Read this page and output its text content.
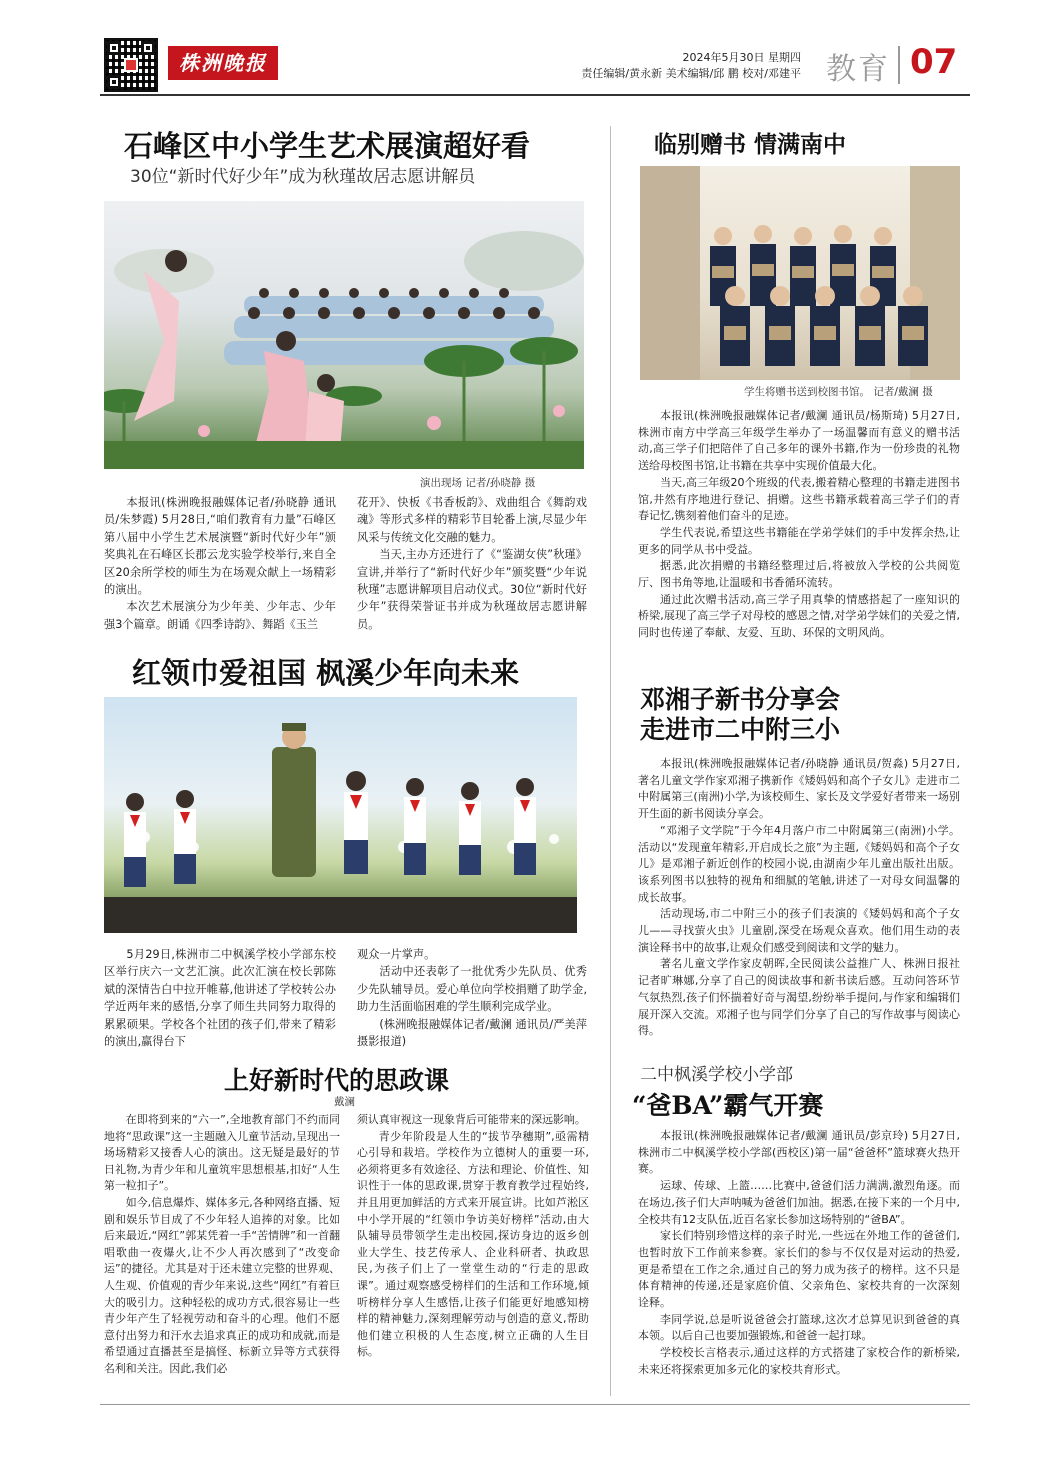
株洲晚报	2024年5月30日 星期四
责任编辑/黄永新 美术编辑/邱 鹏 校对/邓建平 教育 07
石峰区中小学生艺术展演超好看
30位“新时代好少年”成为秋瑾故居志愿讲解员
演出现场 记者/孙晓静 摄

本报讯(株洲晚报融媒体记者/孙晓静 通讯员/朱梦霞) 5月28日,“咱们教育有力量”石峰区第八届中小学生艺术展演暨“新时代好少年”颁奖典礼在石峰区长郡云龙实验学校举行,来自全区20余所学校的师生为在场观众献上一场精彩的演出。

本次艺术展演分为少年美、少年志、少年强3个篇章。朗诵《四季诗韵》、舞蹈《玉兰

花开》、快板《书香板韵》、戏曲组合《舞韵戏魂》等形式多样的精彩节目轮番上演,尽显少年风采与传统文化交融的魅力。

当天,主办方还进行了《“鉴湖女侠”秋瑾》宣讲,并举行了“新时代好少年”颁奖暨“少年说秋瑾”志愿讲解项目启动仪式。30位“新时代好少年”获得荣誉证书并成为秋瑾故居志愿讲解员。

红领巾爱祖国 枫溪少年向未来

5月29日,株洲市二中枫溪学校小学部东校区举行庆六一文艺汇演。此次汇演在校长郭陈斌的深情告白中拉开帷幕,他讲述了学校转公办学近两年来的感悟,分享了师生共同努力取得的累累硕果。学校各个社团的孩子们,带来了精彩的演出,赢得台下

观众一片掌声。

活动中还表彰了一批优秀少先队员、优秀少先队辅导员。爱心单位向学校捐赠了助学金,助力生活面临困难的学生顺利完成学业。

(株洲晚报融媒体记者/戴澜 通讯员/严美萍 摄影报道)

上好新时代的思政课
戴澜

在即将到来的“六一”,全地教育部门不约而同地将“思政课”这一主题融入儿童节活动,呈现出一场场精彩又接香人心的演出。这无疑是最好的节日礼物,为青少年和儿童筑牢思想根基,扣好“人生第一粒扣子”。

如今,信息爆炸、媒体多元,各种网络直播、短剧和娱乐节目成了不少年轻人追捧的对象。比如后来最近,“网红”郭某凭着一手“苦情牌”和一首翻唱歌曲一夜爆火,让不少人再次感到了“改变命运”的捷径。尤其是对于还未建立完整的世界观、人生观、价值观的青少年来说,这些“网红”有着巨大的吸引力。这种轻松的成功方式,很容易让一些青少年产生了轻视劳动和奋斗的心理。他们不愿意付出努力和汗水去追求真正的成功和成就,而是希望通过直播甚至是搞怪、标新立异等方式获得名利和关注。因此,我们必

须认真审视这一现象背后可能带来的深远影响。

青少年阶段是人生的“拔节孕穗期”,亟需精心引导和栽培。学校作为立德树人的重要一环,必须将更多有效途径、方法和理论、价值性、知识性于一体的思政课,贯穿于教育教学过程始终,并且用更加鲜活的方式来开展宣讲。比如芦淞区中小学开展的“红领巾争访美好榜样”活动,由大队辅导员带领学生走出校园,探访身边的返乡创业大学生、技艺传承人、企业科研者、执政思民,为孩子们上了一堂堂生动的“行走的思政课”。通过观察感受榜样们的生活和工作环境,倾听榜样分享人生感悟,让孩子们能更好地感知榜样的精神魅力,深刻理解劳动与创造的意义,帮助他们建立积极的人生态度,树立正确的人生目标。

临别赠书 情满南中
学生将赠书送到校图书馆。 记者/戴澜 摄

本报讯(株洲晚报融媒体记者/戴澜 通讯员/杨斯琦) 5月27日,株洲市南方中学高三年级学生举办了一场温馨而有意义的赠书活动,高三学子们把陪伴了自己多年的课外书籍,作为一份珍贵的礼物送给母校图书馆,让书籍在共享中实现价值最大化。

当天,高三年级20个班级的代表,搬着精心整理的书籍走进图书馆,井然有序地进行登记、捐赠。这些书籍承载着高三学子们的青春记忆,镌刻着他们奋斗的足迹。

学生代表说,希望这些书籍能在学弟学妹们的手中发挥余热,让更多的同学从书中受益。

据悉,此次捐赠的书籍经整理过后,将被放入学校的公共阅览厅、图书角等地,让温暖和书香循环流转。

通过此次赠书活动,高三学子用真挚的情感搭起了一座知识的桥梁,展现了高三学子对母校的感恩之情,对学弟学妹们的关爱之情,同时也传递了奉献、友爱、互助、环保的文明风尚。

邓湘子新书分享会
走进市二中附三小

本报讯(株洲晚报融媒体记者/孙晓静 通讯员/贺淼) 5月27日,著名儿童文学作家邓湘子携新作《矮妈妈和高个子女儿》走进市二中附属第三(南洲)小学,为该校师生、家长及文学爱好者带来一场别开生面的新书阅读分享会。

“邓湘子文学院”于今年4月落户市二中附属第三(南洲)小学。活动以“发现童年精彩,开启成长之旅”为主题,《矮妈妈和高个子女儿》是邓湘子新近创作的校园小说,由湖南少年儿童出版社出版。该系列图书以独特的视角和细腻的笔触,讲述了一对母女间温馨的成长故事。

活动现场,市二中附三小的孩子们表演的《矮妈妈和高个子女儿——寻找萤火虫》儿童剧,深受在场观众喜欢。他们用生动的表演诠释书中的故事,让观众们感受到阅读和文学的魅力。

著名儿童文学作家皮朝晖,全民阅读公益推广人、株洲日报社记者旷琳娜,分享了自己的阅读故事和新书读后感。互动问答环节气氛热烈,孩子们怀揣着好奇与渴望,纷纷举手提问,与作家和编辑们展开深入交流。邓湘子也与同学们分享了自己的写作故事与阅读心得。

二中枫溪学校小学部
“爸BA”霸气开赛

本报讯(株洲晚报融媒体记者/戴澜 通讯员/彭京玲) 5月27日,株洲市二中枫溪学校小学部(西校区)第一届“爸爸杯”篮球赛火热开赛。

运球、传球、上篮……比赛中,爸爸们活力满满,激烈角逐。而在场边,孩子们大声呐喊为爸爸们加油。据悉,在接下来的一个月中,全校共有12支队伍,近百名家长参加这场特别的“爸BA”。

家长们特别珍惜这样的亲子时光,一些远在外地工作的爸爸们,也暂时放下工作前来参赛。家长们的参与不仅仅是对运动的热爱,更是希望在工作之余,通过自己的努力成为孩子的榜样。这不只是体育精神的传递,还是家庭价值、父亲角色、家校共育的一次深刻诠释。

李同学说,总是听说爸爸会打篮球,这次才总算见识到爸爸的真本领。以后自己也要加强锻炼,和爸爸一起打球。

学校校长言格表示,通过这样的方式搭建了家校合作的新桥梁,未来还将探索更加多元化的家校共育形式。
